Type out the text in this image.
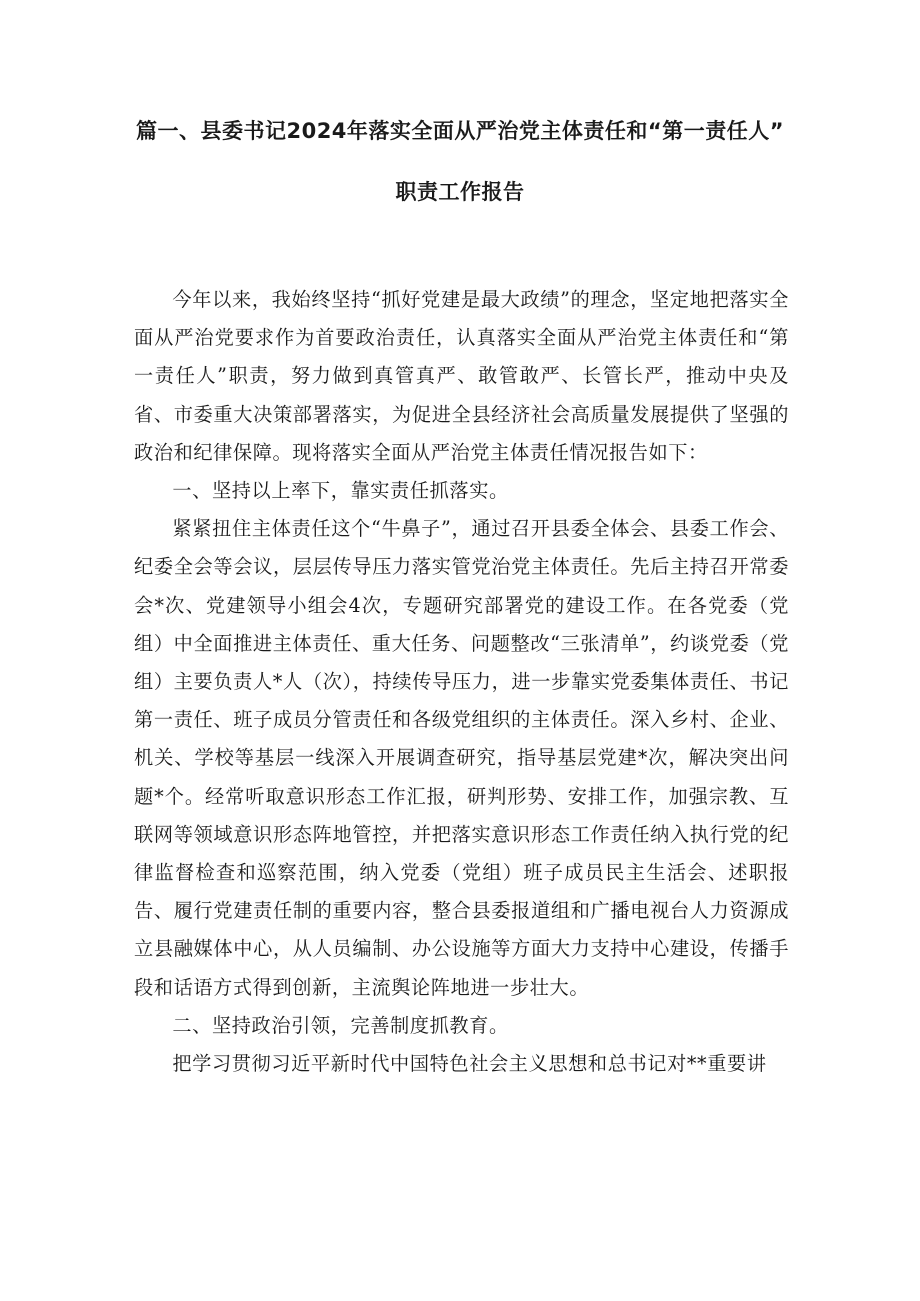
篇一、县委书记2024年落实全面从严治党主体责任和“第一责任人”
职责工作报告

今年以来，我始终坚持“抓好党建是最大政绩”的理念，坚定地把落实全面从严治党要求作为首要政治责任，认真落实全面从严治党主体责任和“第一责任人”职责，努力做到真管真严、敢管敢严、长管长严，推动中央及省、市委重大决策部署落实，为促进全县经济社会高质量发展提供了坚强的政治和纪律保障。现将落实全面从严治党主体责任情况报告如下：

一、坚持以上率下，靠实责任抓落实。

紧紧扭住主体责任这个“牛鼻子”，通过召开县委全体会、县委工作会、纪委全会等会议，层层传导压力落实管党治党主体责任。先后主持召开常委会*次、党建领导小组会4次，专题研究部署党的建设工作。在各党委（党组）中全面推进主体责任、重大任务、问题整改“三张清单”，约谈党委（党组）主要负责人*人（次），持续传导压力，进一步靠实党委集体责任、书记第一责任、班子成员分管责任和各级党组织的主体责任。深入乡村、企业、机关、学校等基层一线深入开展调查研究，指导基层党建*次，解决突出问题*个。经常听取意识形态工作汇报，研判形势、安排工作，加强宗教、互联网等领域意识形态阵地管控，并把落实意识形态工作责任纳入执行党的纪律监督检查和巡察范围，纳入党委（党组）班子成员民主生活会、述职报告、履行党建责任制的重要内容，整合县委报道组和广播电视台人力资源成立县融媒体中心，从人员编制、办公设施等方面大力支持中心建设，传播手段和话语方式得到创新，主流舆论阵地进一步壮大。

二、坚持政治引领，完善制度抓教育。

把学习贯彻习近平新时代中国特色社会主义思想和总书记对**重要讲
